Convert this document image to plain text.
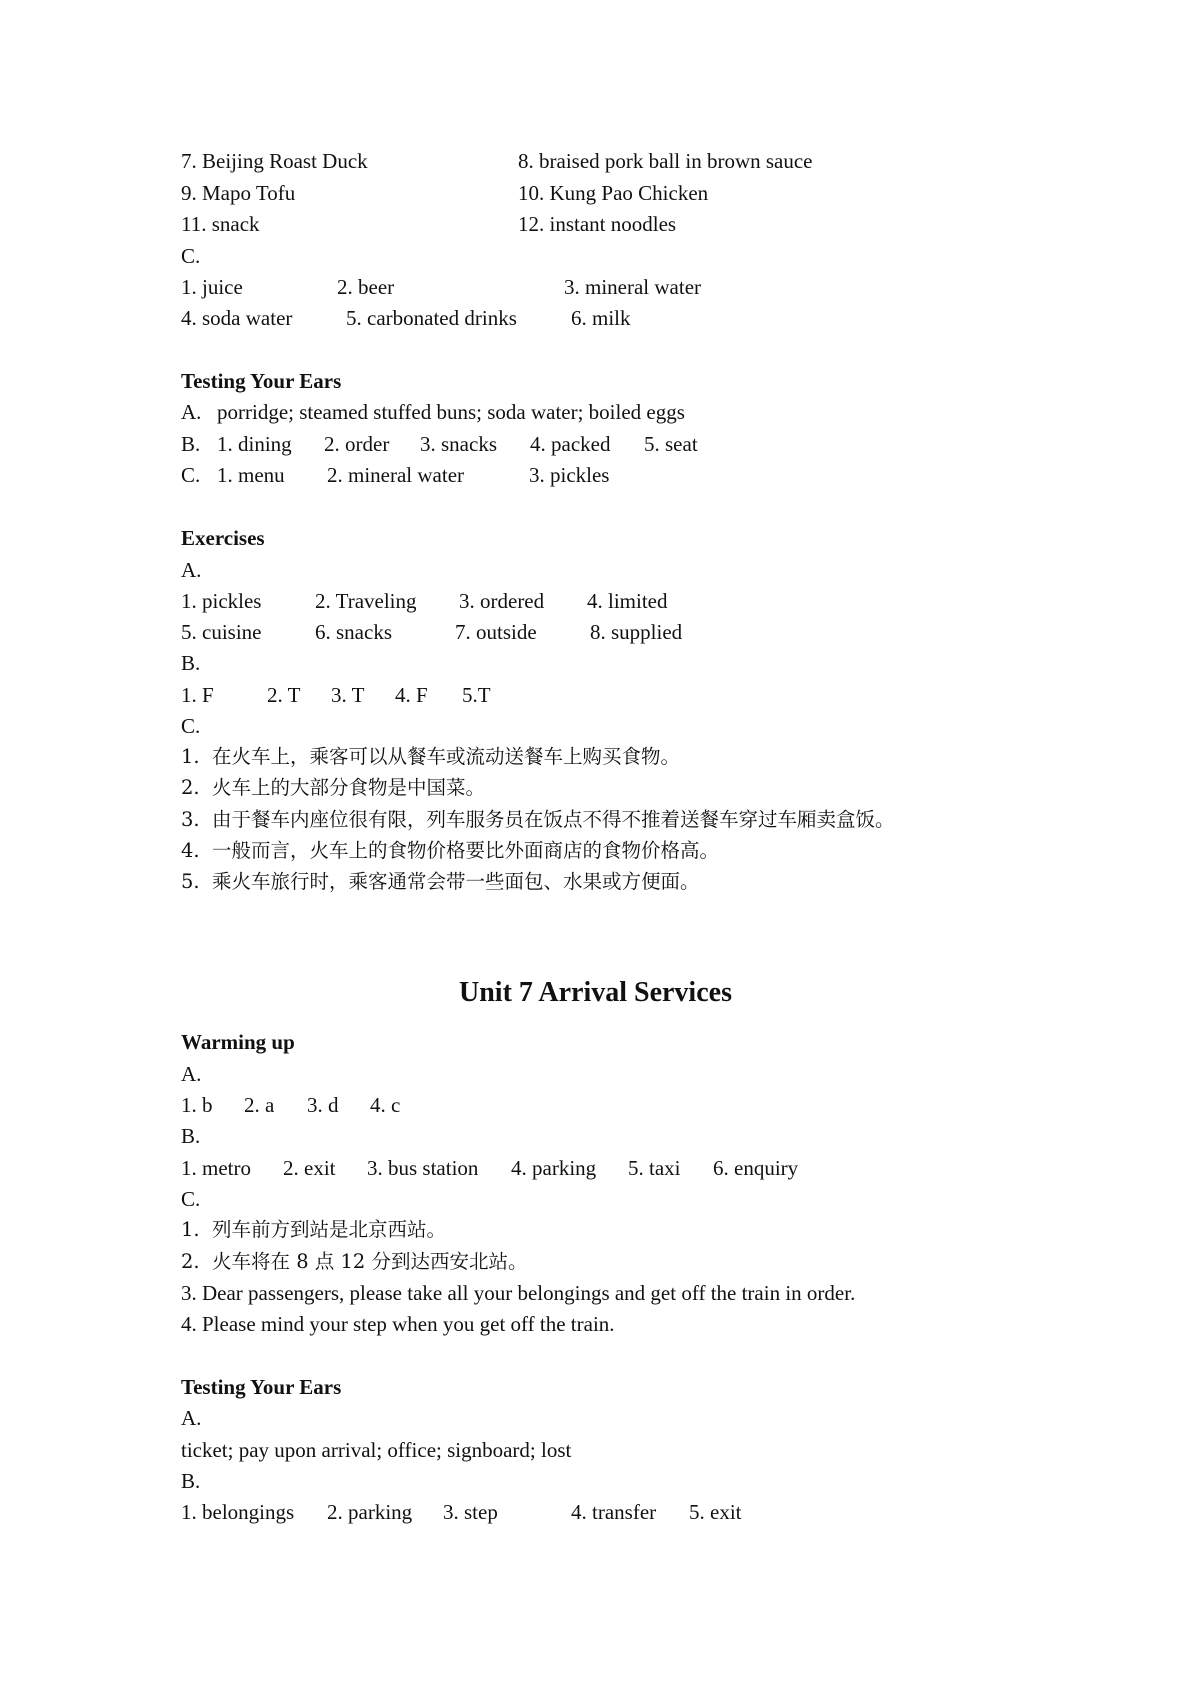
7. Beijing Roast Duck

	8. braised pork ball in brown sauce

9. Mapo Tofu

	10. Kung Pao Chicken

11. snack

	12. instant noodles

C.

1. juice

	2. beer

	3. mineral water

4. soda water

	5. carbonated drinks

	6. milk

Testing Your Ears

A.

porridge; steamed stuffed buns; soda water; boiled eggs

B.

1. dining

2. order

3. snacks

4. packed

5. seat

C.

1. menu

2. mineral water

	3. pickles

Exercises
A.

1. pickles

	2. Traveling

3. ordered

4. limited

5. cuisine

	6. snacks

	7. outside

	8. supplied

B.

1. F

	2. T

3. T

4. F

5.T

C.
1.  在火车上，乘客可以从餐车或流动送餐车上购买食物。
2.  火车上的大部分食物是中国菜。
3.  由于餐车内座位很有限，列车服务员在饭点不得不推着送餐车穿过车厢卖盒饭。
4.  一般而言，火车上的食物价格要比外面商店的食物价格高。
5.  乘火车旅行时，乘客通常会带一些面包、水果或方便面。
Unit 7 Arrival Services
Warming up
A.

1. b

2. a

3. d

4. c

B.

1. metro

2. exit

3. bus station

4. parking

5. taxi

6. enquiry

C.
1.  列车前方到站是北京西站。
2.  火车将在 8 点 12 分到达西安北站。
3. Dear passengers, please take all your belongings and get off the train in order.
4. Please mind your step when you get off the train.
Testing Your Ears
A.
ticket; pay upon arrival; office; signboard; lost
B.

1. belongings

2. parking

3. step

	4. transfer

5. exit
